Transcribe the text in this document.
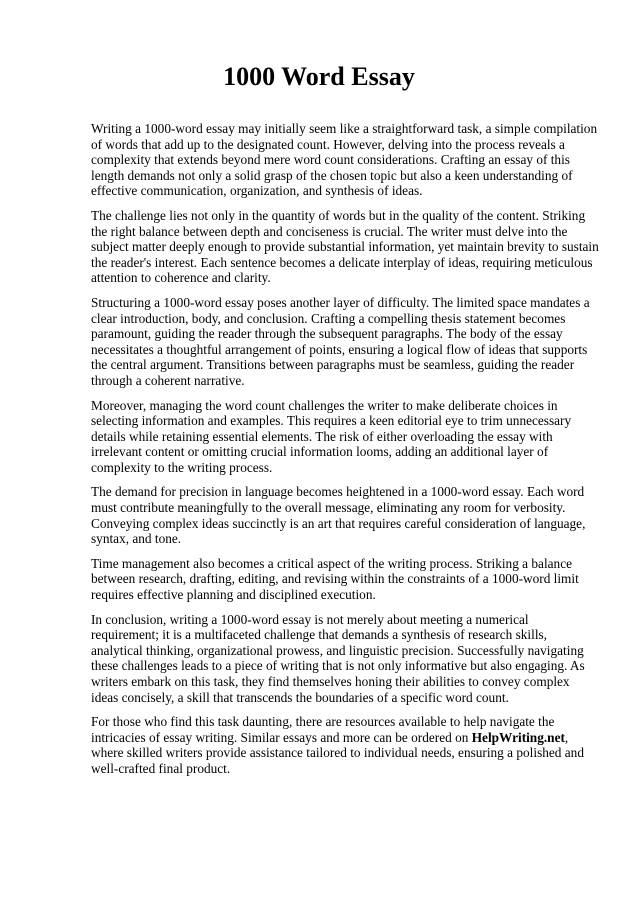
1000 Word Essay

Writing a 1000-word essay may initially seem like a straightforward task, a simple compilation of words that add up to the designated count. However, delving into the process reveals a complexity that extends beyond mere word count considerations. Crafting an essay of this length demands not only a solid grasp of the chosen topic but also a keen understanding of effective communication, organization, and synthesis of ideas.

The challenge lies not only in the quantity of words but in the quality of the content. Striking the right balance between depth and conciseness is crucial. The writer must delve into the subject matter deeply enough to provide substantial information, yet maintain brevity to sustain the reader's interest. Each sentence becomes a delicate interplay of ideas, requiring meticulous attention to coherence and clarity.

Structuring a 1000-word essay poses another layer of difficulty. The limited space mandates a clear introduction, body, and conclusion. Crafting a compelling thesis statement becomes paramount, guiding the reader through the subsequent paragraphs. The body of the essay necessitates a thoughtful arrangement of points, ensuring a logical flow of ideas that supports the central argument. Transitions between paragraphs must be seamless, guiding the reader through a coherent narrative.

Moreover, managing the word count challenges the writer to make deliberate choices in selecting information and examples. This requires a keen editorial eye to trim unnecessary details while retaining essential elements. The risk of either overloading the essay with irrelevant content or omitting crucial information looms, adding an additional layer of complexity to the writing process.

The demand for precision in language becomes heightened in a 1000-word essay. Each word must contribute meaningfully to the overall message, eliminating any room for verbosity. Conveying complex ideas succinctly is an art that requires careful consideration of language, syntax, and tone.

Time management also becomes a critical aspect of the writing process. Striking a balance between research, drafting, editing, and revising within the constraints of a 1000-word limit requires effective planning and disciplined execution.

In conclusion, writing a 1000-word essay is not merely about meeting a numerical requirement; it is a multifaceted challenge that demands a synthesis of research skills, analytical thinking, organizational prowess, and linguistic precision. Successfully navigating these challenges leads to a piece of writing that is not only informative but also engaging. As writers embark on this task, they find themselves honing their abilities to convey complex ideas concisely, a skill that transcends the boundaries of a specific word count.

For those who find this task daunting, there are resources available to help navigate the intricacies of essay writing. Similar essays and more can be ordered on HelpWriting.net, where skilled writers provide assistance tailored to individual needs, ensuring a polished and well-crafted final product.
